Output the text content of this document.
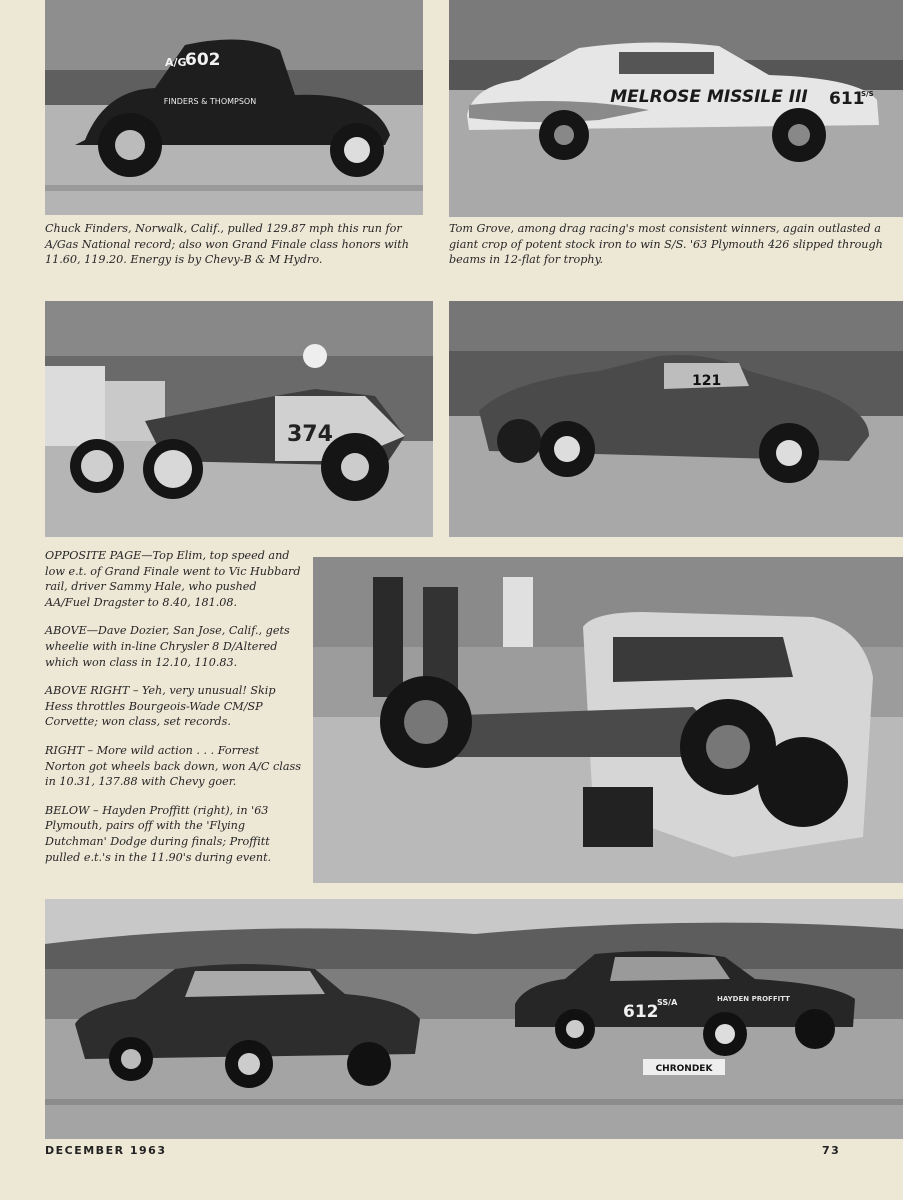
602
A/G
FINDERS & THOMPSON	MELROSE MISSILE III 611
S/S

Chuck Finders, Norwalk, Calif., pulled 129.87 mph this run for A/Gas National record; also won Grand Finale class honors with 11.60, 119.20. Energy is by Chevy-B & M Hydro.

Tom Grove, among drag racing's most consistent winners, again outlasted a giant crop of potent stock iron to win S/S. '63 Plymouth 426 slipped through beams in 12-flat for trophy.

374
121

OPPOSITE PAGE—Top Elim, top speed and low e.t. of Grand Finale went to Vic Hubbard rail, driver Sammy Hale, who pushed AA/Fuel Dragster to 8.40, 181.08.

ABOVE—Dave Dozier, San Jose, Calif., gets wheelie with in-line Chrysler 8 D/Altered which won class in 12.10, 110.83.

ABOVE RIGHT – Yeh, very unusual! Skip Hess throttles Bourgeois-Wade CM/SP Corvette; won class, set records.

RIGHT – More wild action . . . Forrest Norton got wheels back down, won A/C class in 10.31, 137.88 with Chevy goer.

BELOW – Hayden Proffitt (right), in '63 Plymouth, pairs off with the 'Flying Dutchman' Dodge during finals; Proffitt pulled e.t.'s in the 11.90's during event.

612
SS/A	HAYDEN PROFFITT
CHRONDEK
DECEMBER 1963	73
